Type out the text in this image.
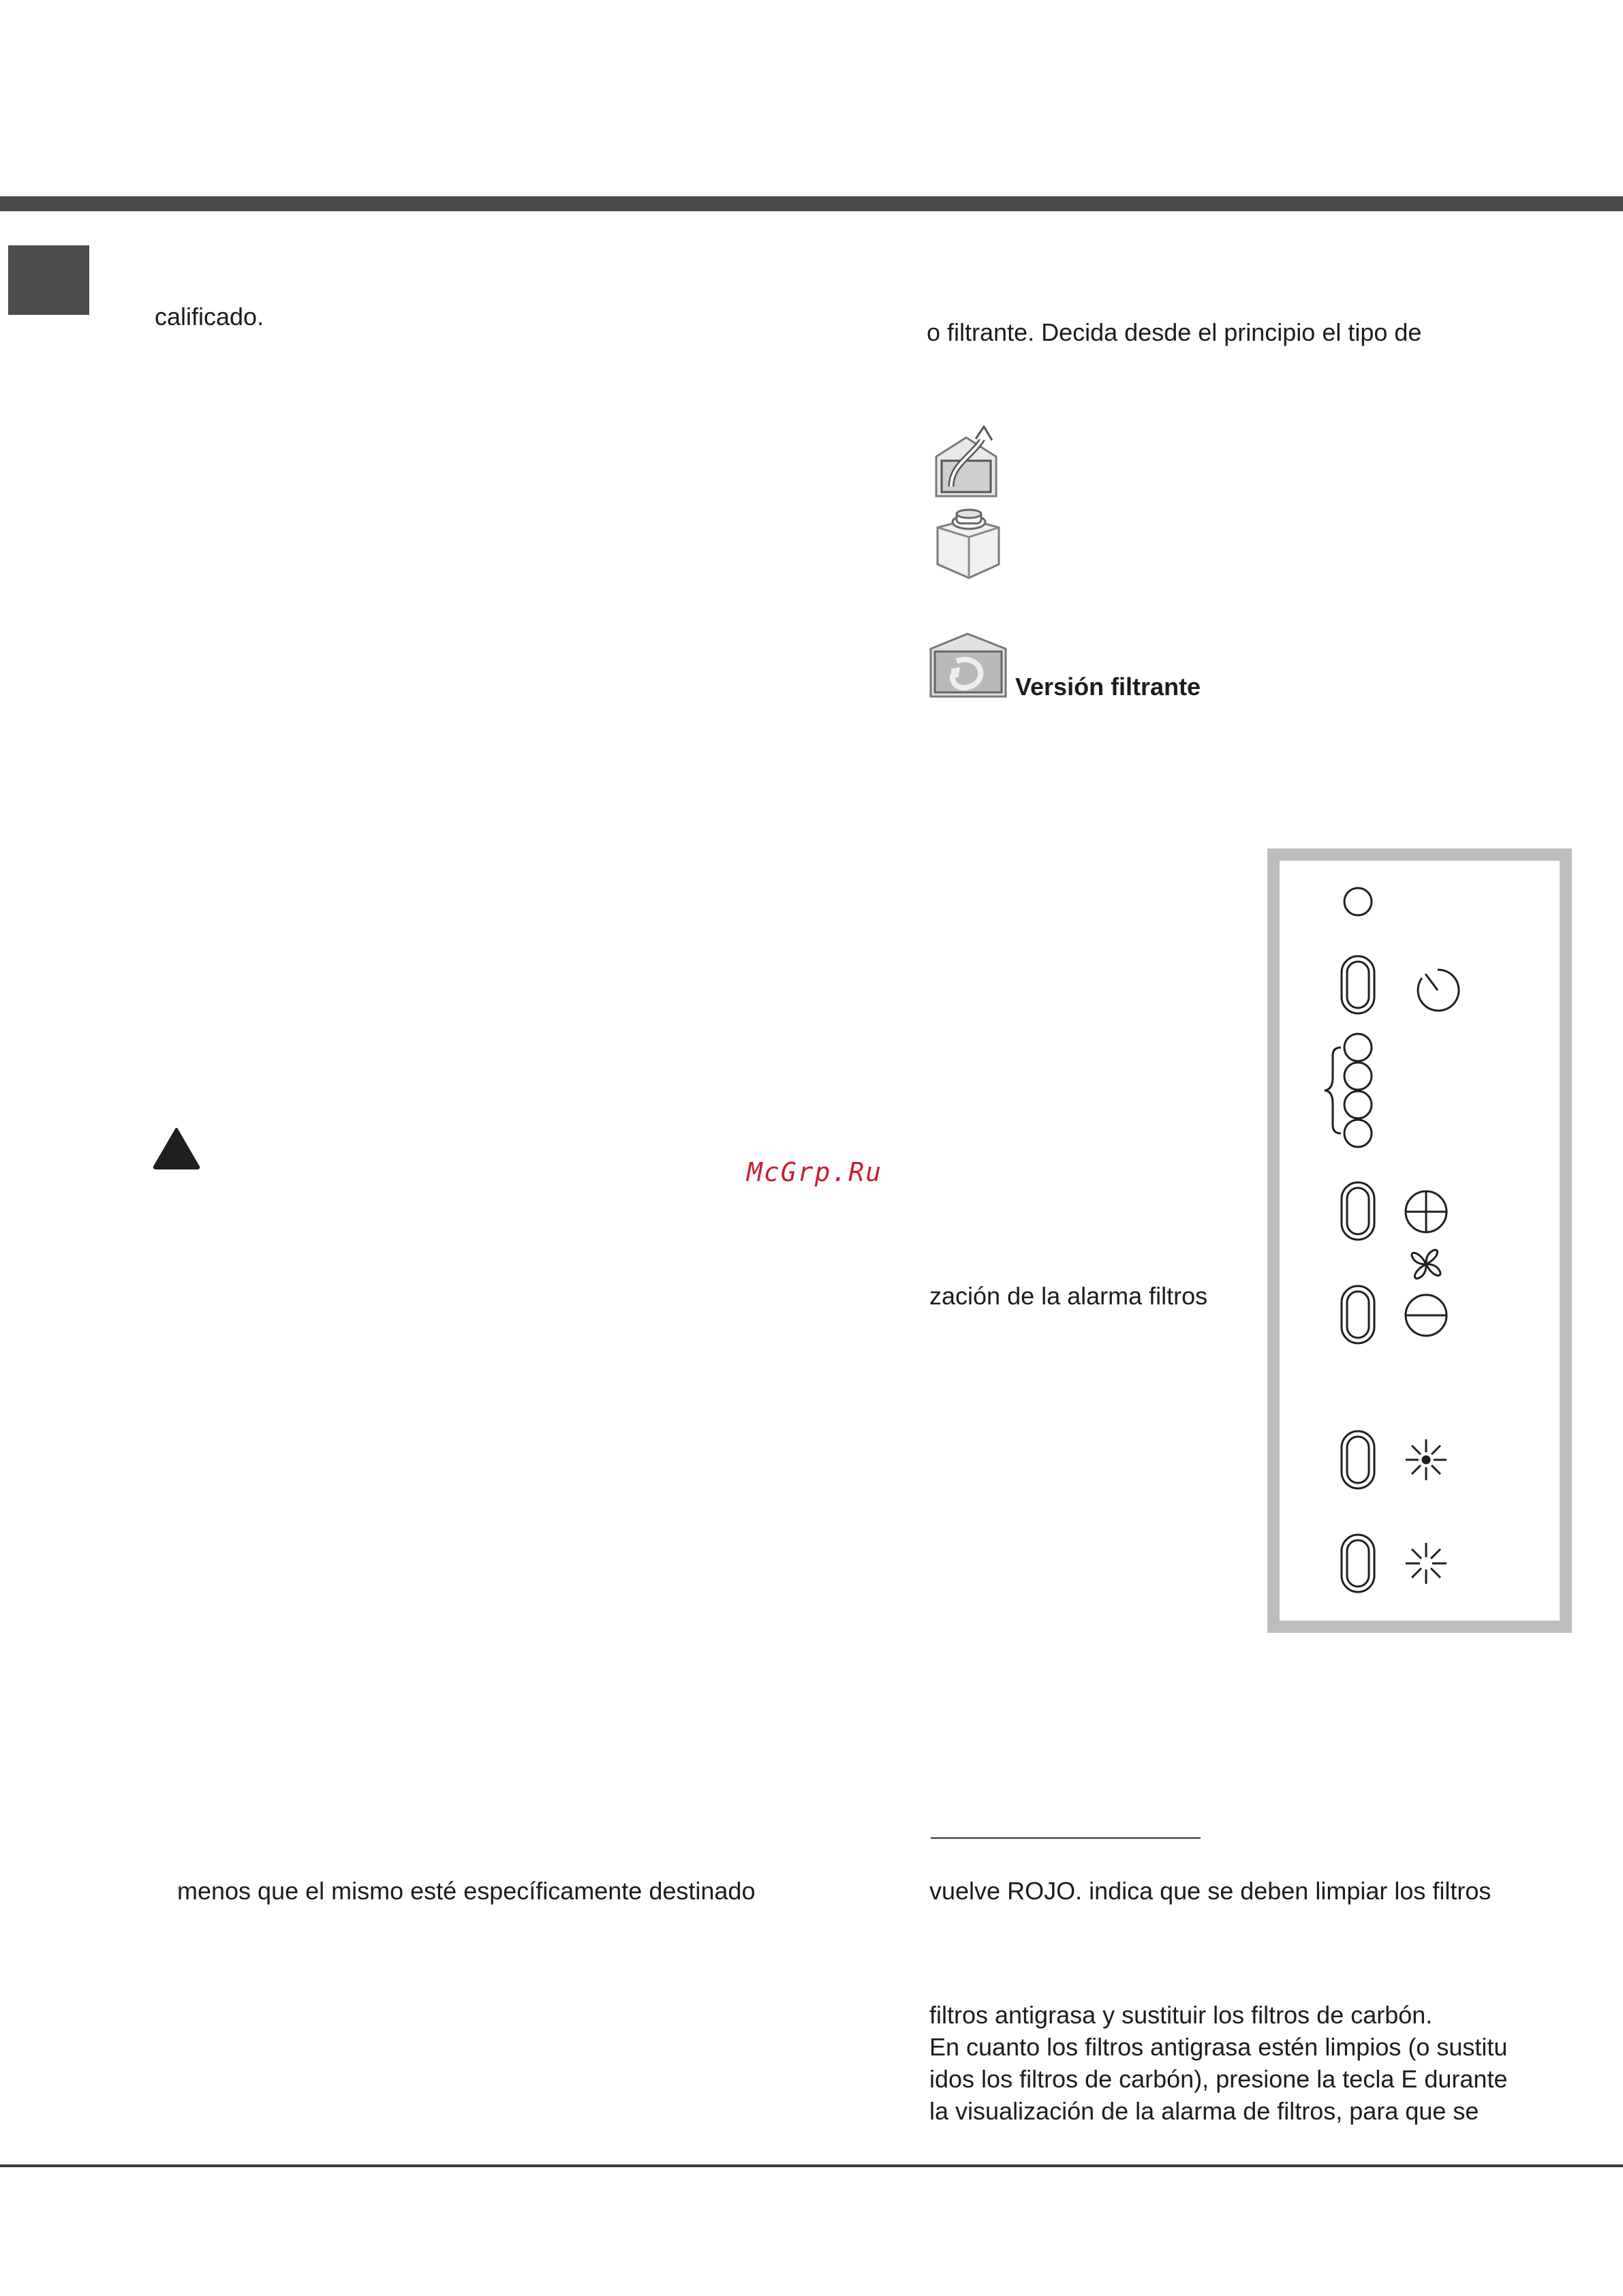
calificado.

McGrp.Ru

menos que el mismo esté específicamente destinado

o filtrante. Decida desde el principio el tipo de

Versión filtrante

zación de la alarma filtros

vuelve ROJO. indica que se deben limpiar los filtros

filtros antigrasa y sustituir los filtros de carbón.

En cuanto los filtros antigrasa estén limpios (o sustitu

idos los filtros de carbón), presione la tecla E durante

la visualización de la alarma de filtros, para que se
